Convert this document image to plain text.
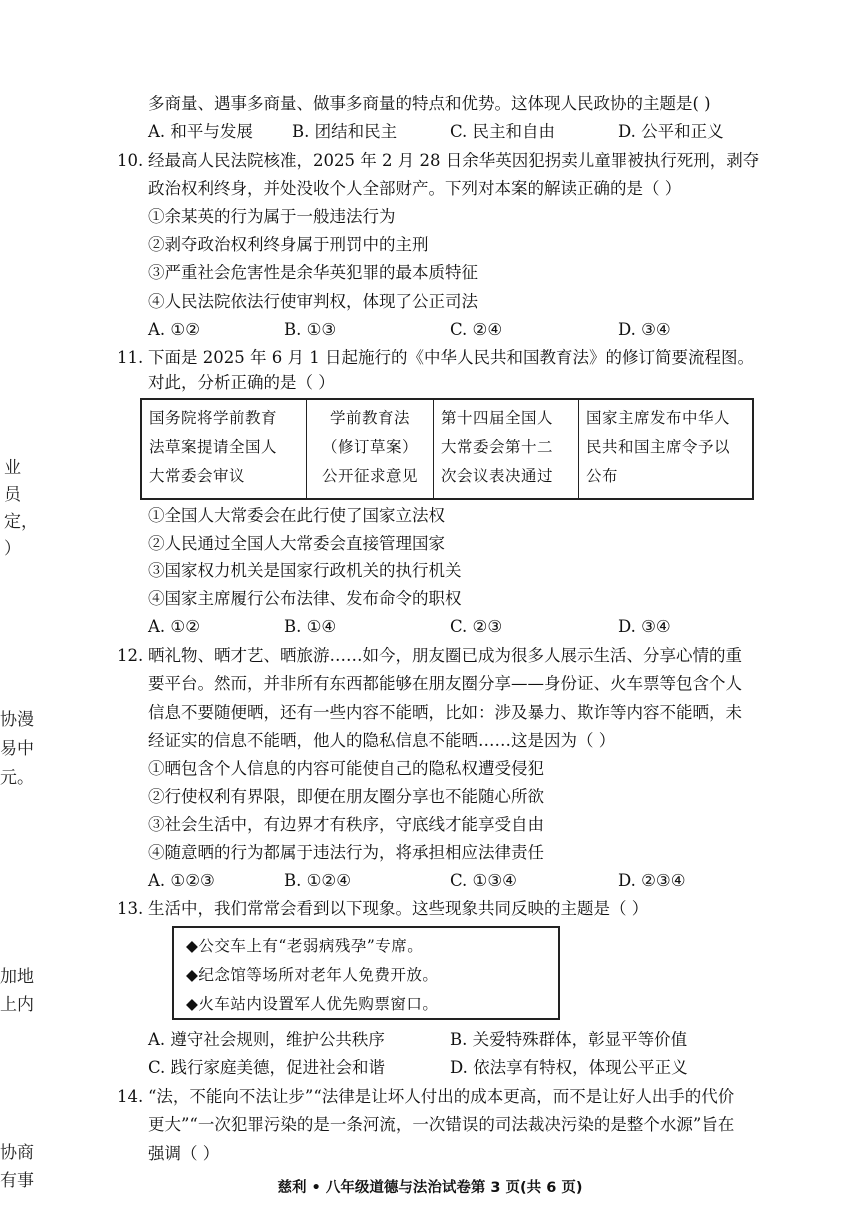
业
员
定，
）
协漫
易中
元。
加地
上内
协商
有事
多商量、遇事多商量、做事多商量的特点和优势。这体现人民政协的主题是( )
A. 和平与发展 B. 团结和民主	C. 民主和自由	D. 公平和正义
10. 经最高人民法院核准，2025 年 2 月 28 日余华英因犯拐卖儿童罪被执行死刑，剥夺
政治权利终身，并处没收个人全部财产。下列对本案的解读正确的是（ ）
①余某英的行为属于一般违法行为
②剥夺政治权利终身属于刑罚中的主刑
③严重社会危害性是余华英犯罪的最本质特征
④人民法院依法行使审判权，体现了公正司法
A. ①②	B. ①③	C. ②④	D. ③④
11. 下面是 2025 年 6 月 1 日起施行的《中华人民共和国教育法》的修订简要流程图。
对此，分析正确的是（ ）
国务院将学前教育
法草案提请全国人
大常委会审议

学前教育法
（修订草案）
公开征求意见

第十四届全国人
大常委会第十二
次会议表决通过

国家主席发布中华人
民共和国主席令予以
公布
①全国人大常委会在此行使了国家立法权
②人民通过全国人大常委会直接管理国家
③国家权力机关是国家行政机关的执行机关
④国家主席履行公布法律、发布命令的职权
A. ①②	B. ①④	C. ②③	D. ③④
12. 晒礼物、晒才艺、晒旅游……如今，朋友圈已成为很多人展示生活、分享心情的重
要平台。然而，并非所有东西都能够在朋友圈分享——身份证、火车票等包含个人
信息不要随便晒，还有一些内容不能晒，比如：涉及暴力、欺诈等内容不能晒，未
经证实的信息不能晒，他人的隐私信息不能晒……这是因为（ ）
①晒包含个人信息的内容可能使自己的隐私权遭受侵犯
②行使权利有界限，即便在朋友圈分享也不能随心所欲
③社会生活中，有边界才有秩序，守底线才能享受自由
④随意晒的行为都属于违法行为，将承担相应法律责任
A. ①②③	B. ①②④	C. ①③④	D. ②③④
13. 生活中，我们常常会看到以下现象。这些现象共同反映的主题是（ ）
◆公交车上有“老弱病残孕”专席。
◆纪念馆等场所对老年人免费开放。
◆火车站内设置军人优先购票窗口。
A. 遵守社会规则，维护公共秩序	B. 关爱特殊群体，彰显平等价值
C. 践行家庭美德，促进社会和谐	D. 依法享有特权，体现公平正义
14. “法，不能向不法让步”“法律是让坏人付出的成本更高，而不是让好人出手的代价
更大”“一次犯罪污染的是一条河流，一次错误的司法裁决污染的是整个水源”旨在
强调（ ）
慈利 • 八年级道德与法治试卷第 3 页(共 6 页)
